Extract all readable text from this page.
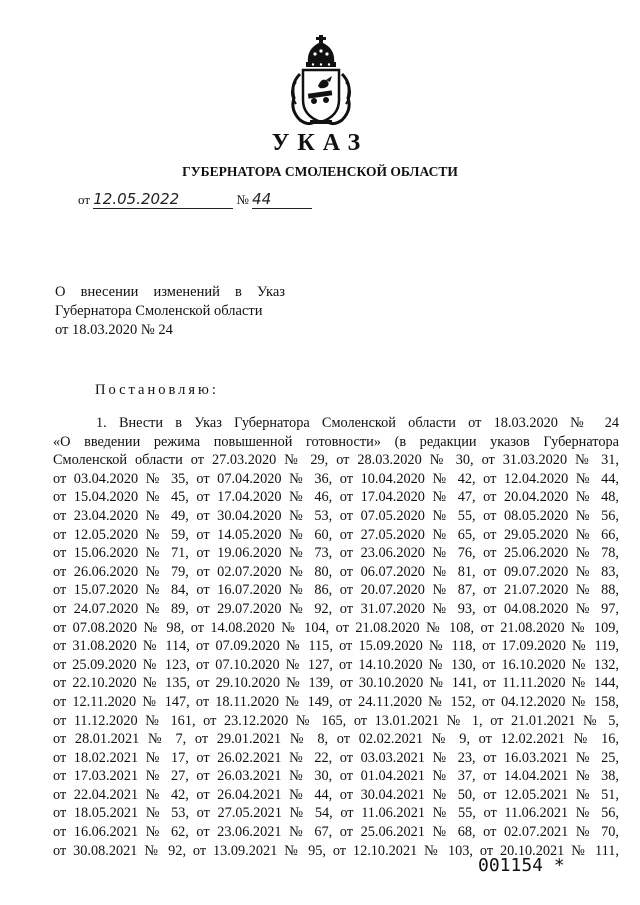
УКАЗ
ГУБЕРНАТОРА СМОЛЕНСКОЙ ОБЛАСТИ
от 12.05.2022	№ 44
О внесении изменений в Указ
Губернатора Смоленской области
от 18.03.2020 № 24
Постановляю:
1. Внести в Указ Губернатора Смоленской области от 18.03.2020 № 24
«О введении режима повышенной готовности» (в редакции указов Губернатора
Смоленской области от 27.03.2020 № 29, от 28.03.2020 № 30, от 31.03.2020 № 31,
от 03.04.2020 № 35, от 07.04.2020 № 36, от 10.04.2020 № 42, от 12.04.2020 № 44,
от 15.04.2020 № 45, от 17.04.2020 № 46, от 17.04.2020 № 47, от 20.04.2020 № 48,
от 23.04.2020 № 49, от 30.04.2020 № 53, от 07.05.2020 № 55, от 08.05.2020 № 56,
от 12.05.2020 № 59, от 14.05.2020 № 60, от 27.05.2020 № 65, от 29.05.2020 № 66,
от 15.06.2020 № 71, от 19.06.2020 № 73, от 23.06.2020 № 76, от 25.06.2020 № 78,
от 26.06.2020 № 79, от 02.07.2020 № 80, от 06.07.2020 № 81, от 09.07.2020 № 83,
от 15.07.2020 № 84, от 16.07.2020 № 86, от 20.07.2020 № 87, от 21.07.2020 № 88,
от 24.07.2020 № 89, от 29.07.2020 № 92, от 31.07.2020 № 93, от 04.08.2020 № 97,
от 07.08.2020 № 98, от 14.08.2020 № 104, от 21.08.2020 № 108, от 21.08.2020 № 109,
от 31.08.2020 № 114, от 07.09.2020 № 115, от 15.09.2020 № 118, от 17.09.2020 № 119,
от 25.09.2020 № 123, от 07.10.2020 № 127, от 14.10.2020 № 130, от 16.10.2020 № 132,
от 22.10.2020 № 135, от 29.10.2020 № 139, от 30.10.2020 № 141, от 11.11.2020 № 144,
от 12.11.2020 № 147, от 18.11.2020 № 149, от 24.11.2020 № 152, от 04.12.2020 № 158,
от 11.12.2020 № 161, от 23.12.2020 № 165, от 13.01.2021 № 1, от 21.01.2021 № 5,
от 28.01.2021 № 7, от 29.01.2021 № 8, от 02.02.2021 № 9, от 12.02.2021 № 16,
от 18.02.2021 № 17, от 26.02.2021 № 22, от 03.03.2021 № 23, от 16.03.2021 № 25,
от 17.03.2021 № 27, от 26.03.2021 № 30, от 01.04.2021 № 37, от 14.04.2021 № 38,
от 22.04.2021 № 42, от 26.04.2021 № 44, от 30.04.2021 № 50, от 12.05.2021 № 51,
от 18.05.2021 № 53, от 27.05.2021 № 54, от 11.06.2021 № 55, от 11.06.2021 № 56,
от 16.06.2021 № 62, от 23.06.2021 № 67, от 25.06.2021 № 68, от 02.07.2021 № 70,
от 30.08.2021 № 92, от 13.09.2021 № 95, от 12.10.2021 № 103, от 20.10.2021 № 111,
001154 *
